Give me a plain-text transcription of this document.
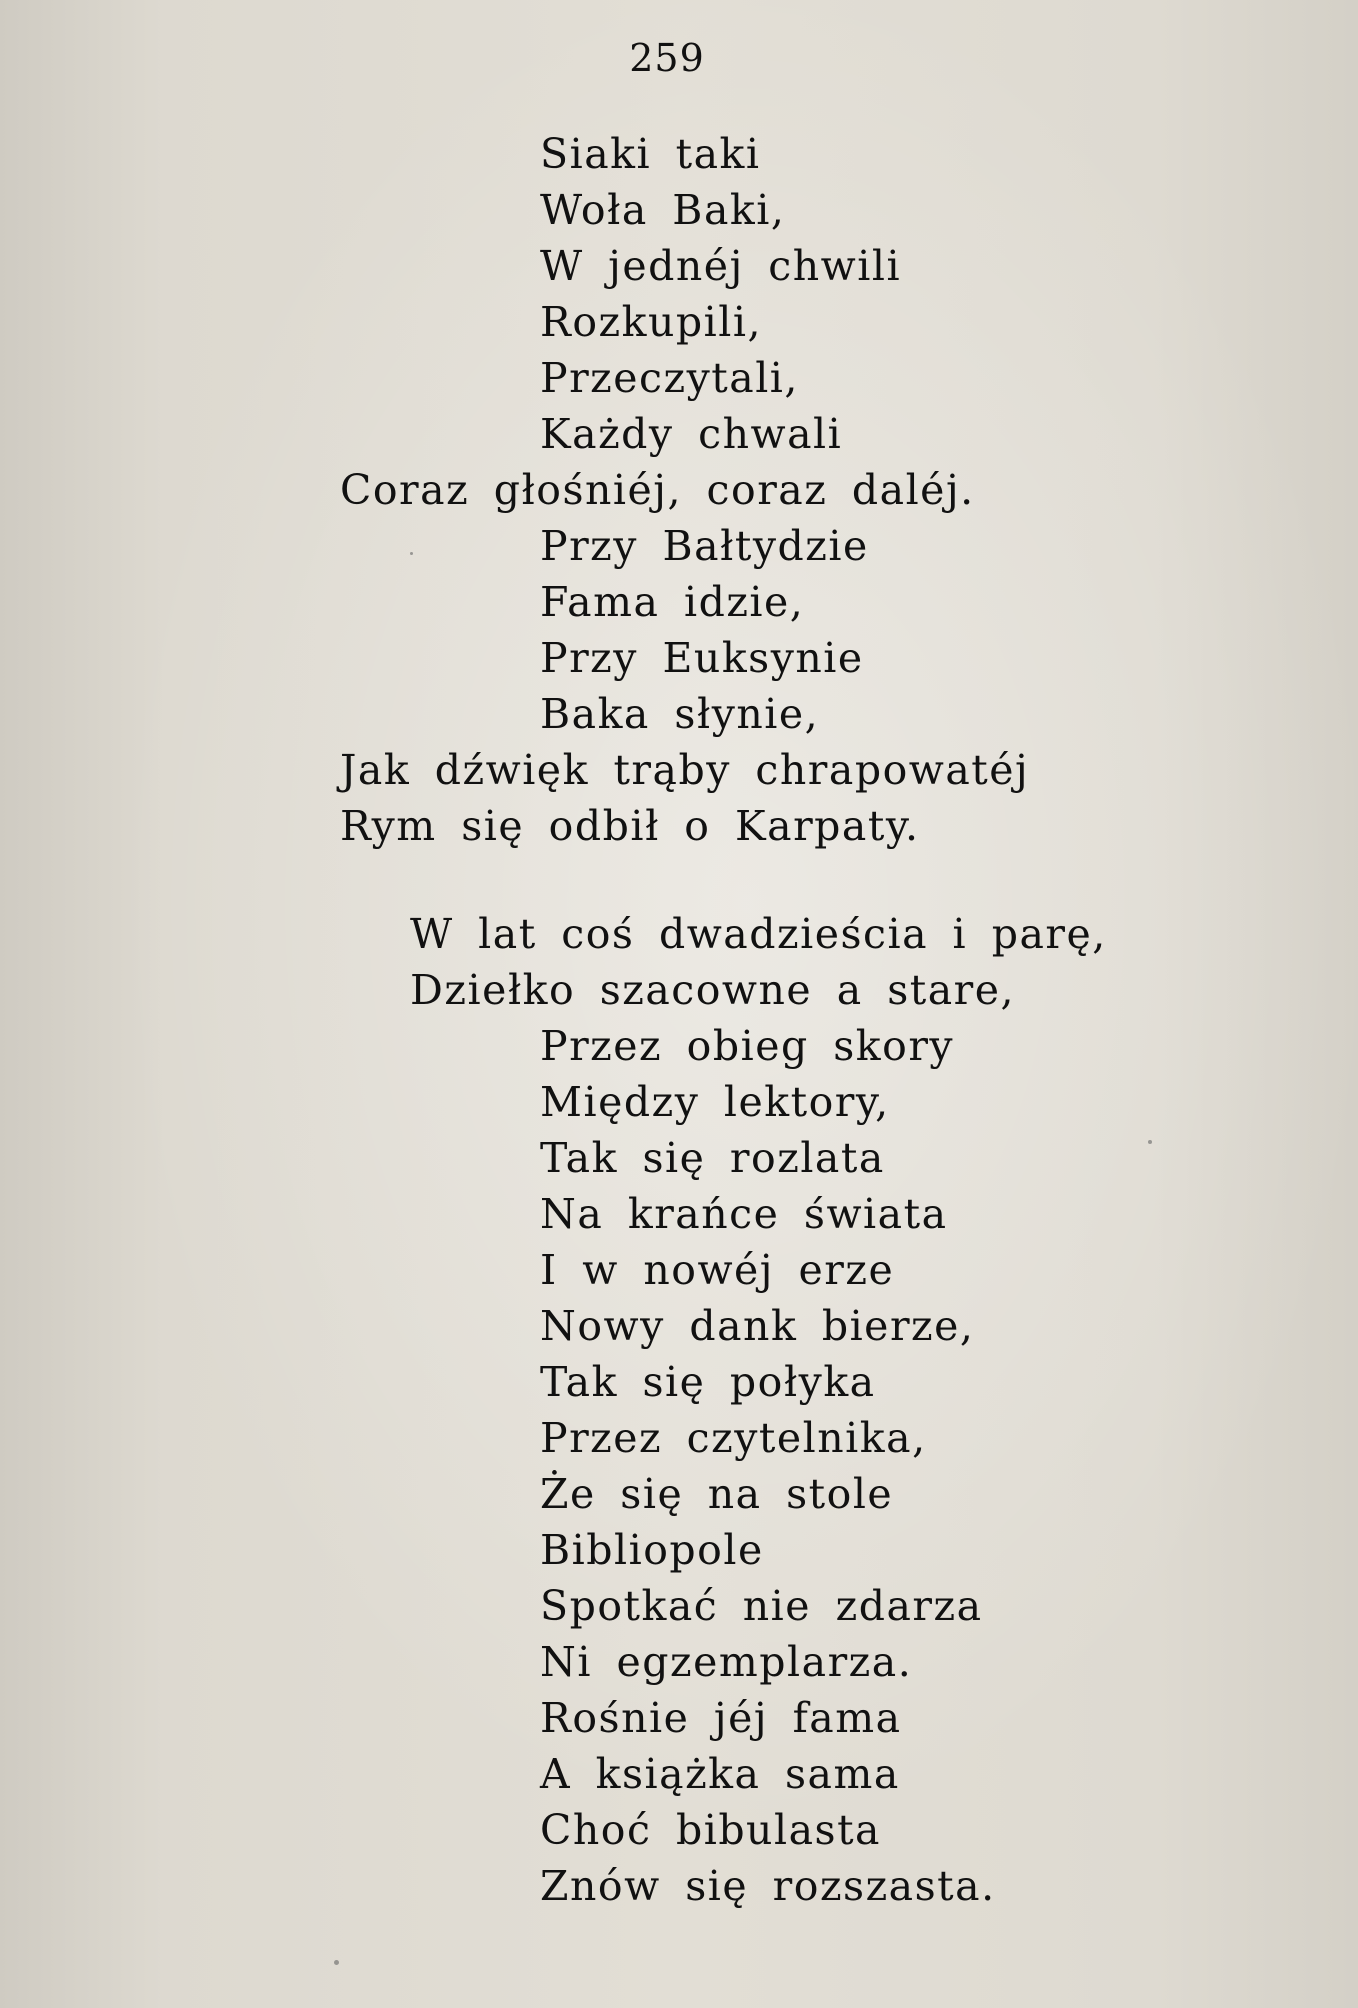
259
Siaki taki
Woła Baki,
W jednéj chwili
Rozkupili,
Przeczytali,
Każdy chwali
Coraz głośniéj, coraz daléj.
Przy Bałtydzie
Fama idzie,
Przy Euksynie
Baka słynie,
Jak dźwięk trąby chrapowatéj
Rym się odbił o Karpaty.
W lat coś dwadzieścia i parę,
Dziełko szacowne a stare,
Przez obieg skory
Między lektory,
Tak się rozlata
Na krańce świata
I w nowéj erze
Nowy dank bierze,
Tak się połyka
Przez czytelnika,
Że się na stole
Bibliopole
Spotkać nie zdarza
Ni egzemplarza.
Rośnie jéj fama
A książka sama
Choć bibulasta
Znów się rozszasta.
